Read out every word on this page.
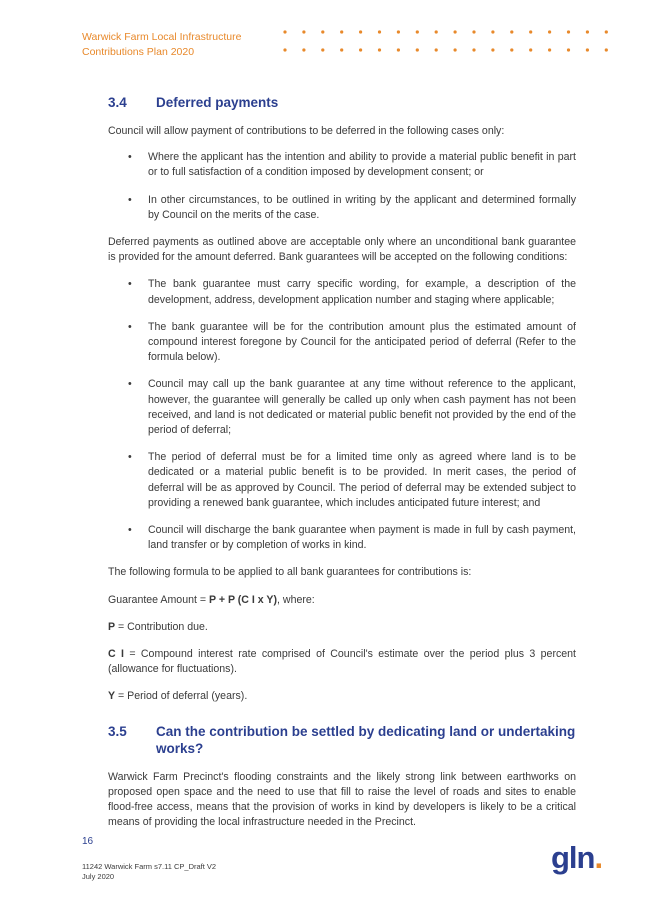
Warwick Farm Local Infrastructure
Contributions Plan 2020
3.4	Deferred payments

Council will allow payment of contributions to be deferred in the following cases only:

• Where the applicant has the intention and ability to provide a material public benefit in part or to full satisfaction of a condition imposed by development consent; or
• In other circumstances, to be outlined in writing by the applicant and determined formally by Council on the merits of the case.

Deferred payments as outlined above are acceptable only where an unconditional bank guarantee is provided for the amount deferred. Bank guarantees will be accepted on the following conditions:

• The bank guarantee must carry specific wording, for example, a description of the development, address, development application number and staging where applicable;
• The bank guarantee will be for the contribution amount plus the estimated amount of compound interest foregone by Council for the anticipated period of deferral (Refer to the formula below).
• Council may call up the bank guarantee at any time without reference to the applicant, however, the guarantee will generally be called up only when cash payment has not been received, and land is not dedicated or material public benefit not provided by the end of the period of deferral;
• The period of deferral must be for a limited time only as agreed where land is to be dedicated or a material public benefit is to be provided. In merit cases, the period of deferral will be as approved by Council. The period of deferral may be extended subject to providing a renewed bank guarantee, which includes anticipated future interest; and
• Council will discharge the bank guarantee when payment is made in full by cash payment, land transfer or by completion of works in kind.

The following formula to be applied to all bank guarantees for contributions is:

Guarantee Amount = P + P (C I x Y), where:

P = Contribution due.

C I = Compound interest rate comprised of Council's estimate over the period plus 3 percent (allowance for fluctuations).

Y = Period of deferral (years).

3.5	Can the contribution be settled by dedicating land or undertaking works?

Warwick Farm Precinct's flooding constraints and the likely strong link between earthworks on proposed open space and the need to use that fill to raise the level of roads and sites to enable flood-free access, means that the provision of works in kind by developers is likely to be a critical means of providing the local infrastructure needed in the Precinct.

16
11242 Warwick Farm s7.11 CP_Draft V2
July 2020
gln.
